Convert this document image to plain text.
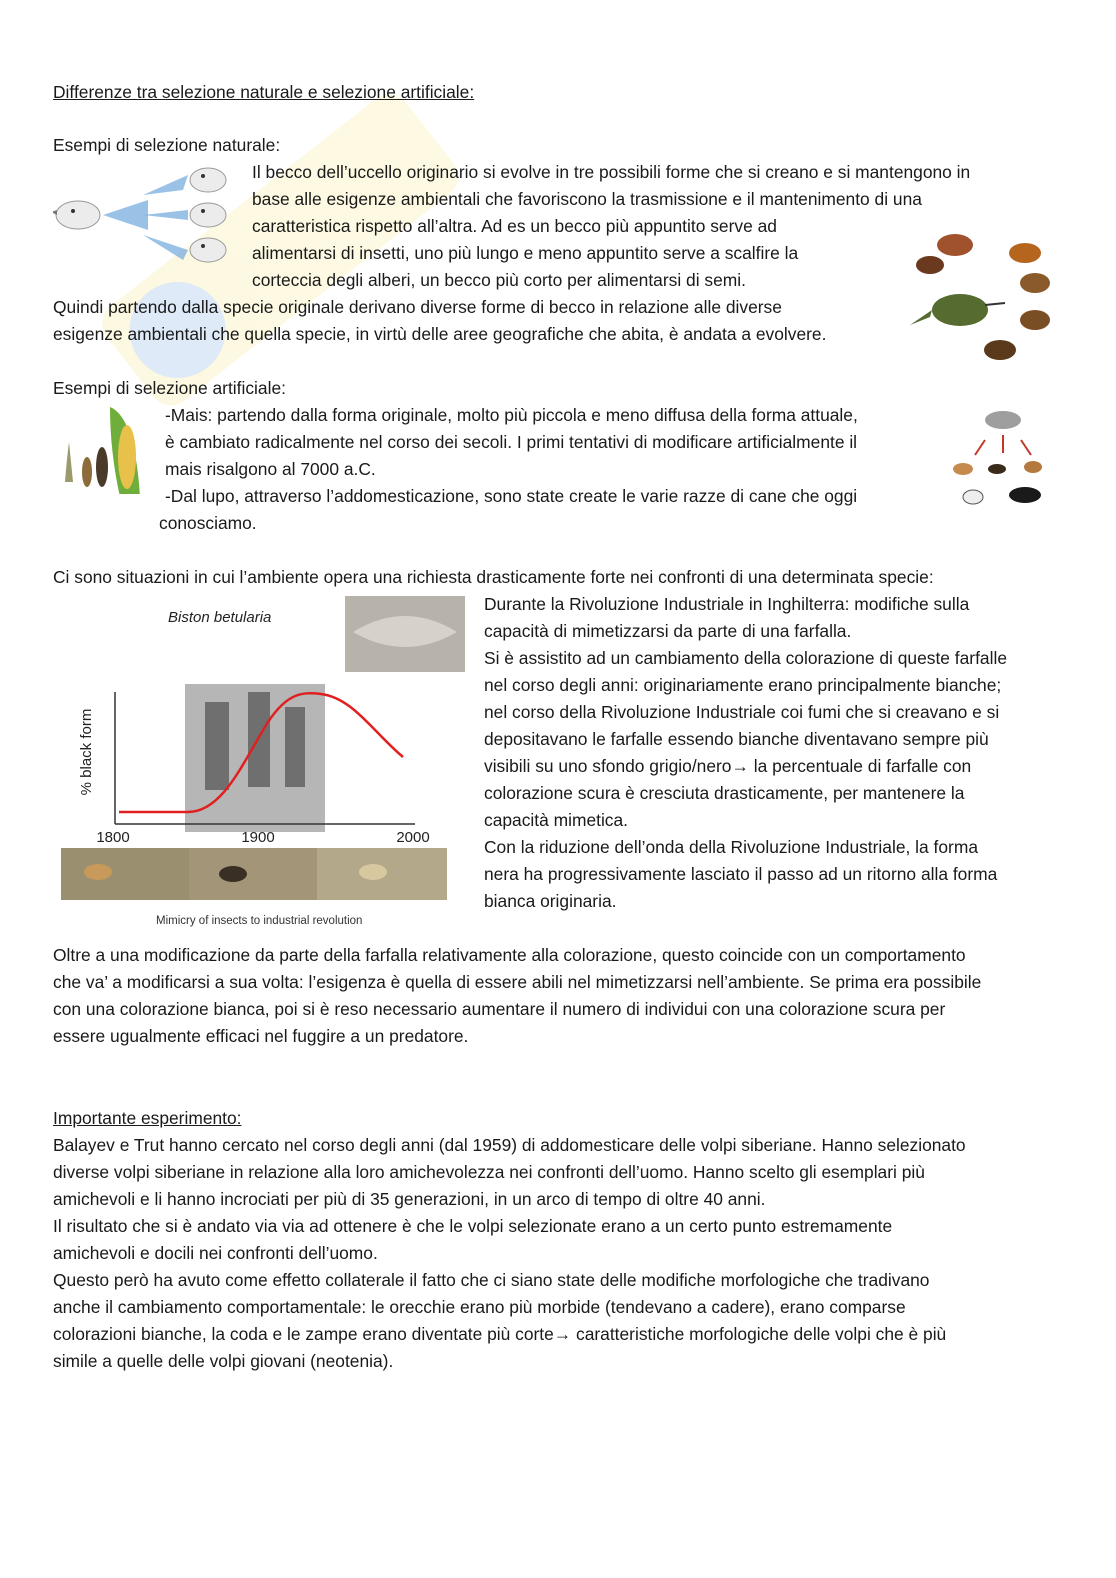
Differenze tra selezione naturale e selezione artificiale:
Esempi di selezione naturale:
Il becco dell’uccello originario si evolve in tre possibili forme che si creano e si mantengono in
base alle esigenze ambientali che favoriscono la trasmissione e il mantenimento di una
caratteristica rispetto all’altra. Ad es un becco più appuntito serve ad
alimentarsi di insetti, uno più lungo e meno appuntito serve a scalfire la
corteccia degli alberi, un becco più corto per alimentarsi di semi.
Quindi partendo dalla specie originale derivano diverse forme di becco in relazione alle diverse
esigenze ambientali che quella specie, in virtù delle aree geografiche che abita, è andata a evolvere.
Esempi di selezione artificiale:
-Mais: partendo dalla forma originale, molto più piccola e meno diffusa della forma attuale,
è cambiato radicalmente nel corso dei secoli. I primi tentativi di modificare artificialmente il
mais risalgono al 7000 a.C.
-Dal lupo, attraverso l’addomesticazione, sono state create le varie razze di cane che oggi
conosciamo.
Ci sono situazioni in cui l’ambiente opera una richiesta drasticamente forte nei confronti di una determinata specie:
Biston betularia
% black form
1800	1900	2000
Mimicry of insects to industrial revolution
Durante la Rivoluzione Industriale in Inghilterra: modifiche sulla
capacità di mimetizzarsi da parte di una farfalla.
Si è assistito ad un cambiamento della colorazione di queste farfalle
nel corso degli anni: originariamente erano principalmente bianche;
nel corso della Rivoluzione Industriale coi fumi che si creavano e si
depositavano le farfalle essendo bianche diventavano sempre più
visibili su uno sfondo grigio/nero→ la percentuale di farfalle con
colorazione scura è cresciuta drasticamente, per mantenere la
capacità mimetica.
Con la riduzione dell’onda della Rivoluzione Industriale, la forma
nera ha progressivamente lasciato il passo ad un ritorno alla forma
bianca originaria.
Oltre a una modificazione da parte della farfalla relativamente alla colorazione, questo coincide con un comportamento
che va’ a modificarsi a sua volta: l’esigenza è quella di essere abili nel mimetizzarsi nell’ambiente. Se prima era possibile
con una colorazione bianca, poi si è reso necessario aumentare il numero di individui con una colorazione scura per
essere ugualmente efficaci nel fuggire a un predatore.
Importante esperimento:
Balayev e Trut hanno cercato nel corso degli anni (dal 1959) di addomesticare delle volpi siberiane. Hanno selezionato
diverse volpi siberiane in relazione alla loro amichevolezza nei confronti dell’uomo. Hanno scelto gli esemplari più
amichevoli e li hanno incrociati per più di 35 generazioni, in un arco di tempo di oltre 40 anni.
Il risultato che si è andato via via ad ottenere è che le volpi selezionate erano a un certo punto estremamente
amichevoli e docili nei confronti dell’uomo.
Questo però ha avuto come effetto collaterale il fatto che ci siano state delle modifiche morfologiche che tradivano
anche il cambiamento comportamentale: le orecchie erano più morbide (tendevano a cadere), erano comparse
colorazioni bianche, la coda e le zampe erano diventate più corte→ caratteristiche morfologiche delle volpi che è più
simile a quelle delle volpi giovani (neotenia).
